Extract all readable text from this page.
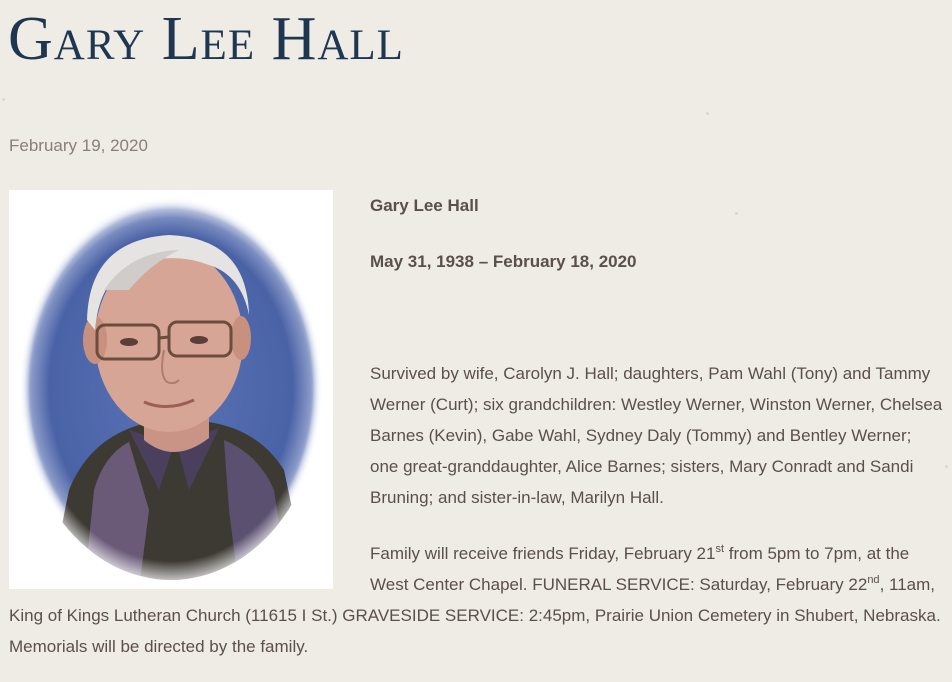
Gary Lee Hall
February 19, 2020

Gary Lee Hall

May 31, 1938 – February 18, 2020

Survived by wife, Carolyn J. Hall; daughters, Pam Wahl (Tony) and Tammy Werner (Curt); six grandchildren: Westley Werner, Winston Werner, Chelsea Barnes (Kevin), Gabe Wahl, Sydney Daly (Tommy) and Bentley Werner; one great-granddaughter, Alice Barnes; sisters, Mary Conradt and Sandi Bruning; and sister-in-law, Marilyn Hall.

Family will receive friends Friday, February 21st from 5pm to 7pm, at the West Center Chapel. FUNERAL SERVICE: Saturday, February 22nd, 11am, King of Kings Lutheran Church (11615 I St.) GRAVESIDE SERVICE: 2:45pm, Prairie Union Cemetery in Shubert, Nebraska. Memorials will be directed by the family.
